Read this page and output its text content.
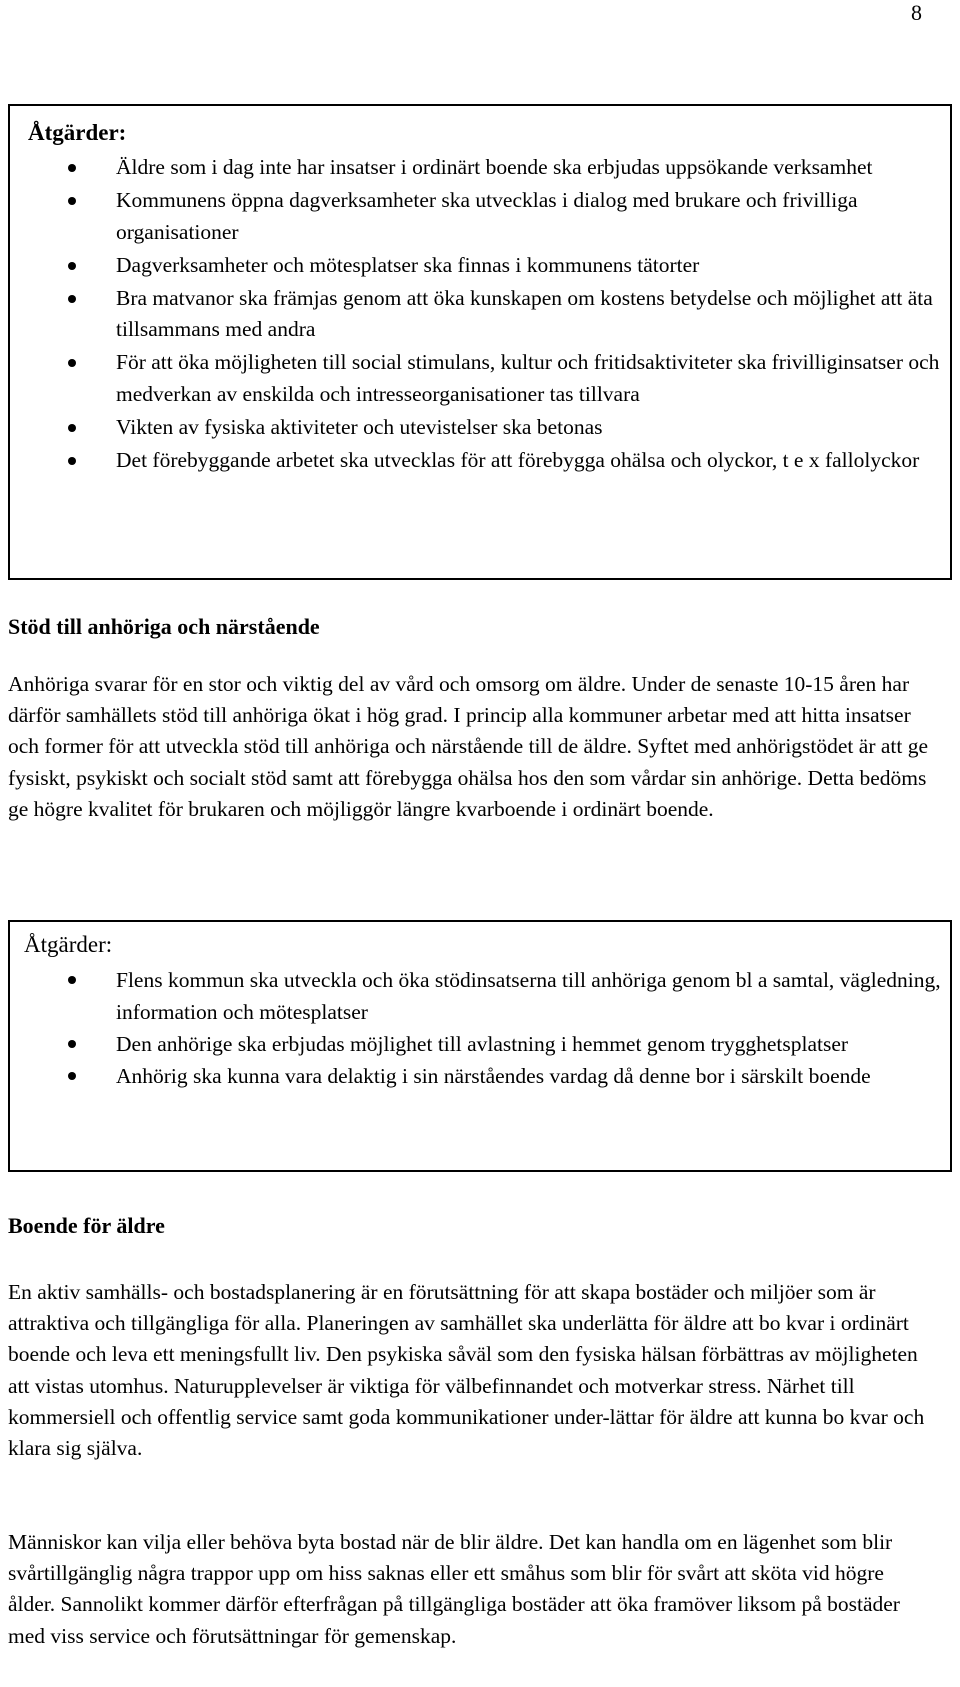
8
Åtgärder:
Äldre som i dag inte har insatser i ordinärt boende ska erbjudas uppsökande verksamhet
Kommunens öppna dagverksamheter ska utvecklas i dialog med brukare och frivilliga organisationer
Dagverksamheter och mötesplatser ska finnas i kommunens tätorter
Bra matvanor ska främjas genom att öka kunskapen om kostens betydelse och möjlighet att äta tillsammans med andra
För att öka möjligheten till social stimulans, kultur och fritidsaktiviteter ska frivilliginsatser och medverkan av enskilda och intresseorganisationer tas tillvara
Vikten av fysiska aktiviteter och utevistelser ska betonas
Det förebyggande arbetet ska utvecklas för att förebygga ohälsa och olyckor, t e x fallolyckor
Stöd till anhöriga och närstående

Anhöriga svarar för en stor och viktig del av vård och omsorg om äldre. Under de senaste 10-15 åren har därför samhällets stöd till anhöriga ökat i hög grad. I princip alla kommuner arbetar med att hitta insatser och former för att utveckla stöd till anhöriga och närstående till de äldre. Syftet med anhörigstödet är att ge fysiskt, psykiskt och socialt stöd samt att förebygga ohälsa hos den som vårdar sin anhörige. Detta bedöms ge högre kvalitet för brukaren och möjliggör längre kvarboende i ordinärt boende.

Åtgärder:
Flens kommun ska utveckla och öka stödinsatserna till anhöriga genom bl a samtal, vägledning, information och mötesplatser
Den anhörige ska erbjudas möjlighet till avlastning i hemmet genom trygghetsplatser
Anhörig ska kunna vara delaktig i sin närståendes vardag då denne bor i särskilt boende
Boende för äldre

En aktiv samhälls- och bostadsplanering är en förutsättning för att skapa bostäder och miljöer som är attraktiva och tillgängliga för alla. Planeringen av samhället ska underlätta för äldre att bo kvar i ordinärt boende och leva ett meningsfullt liv. Den psykiska såväl som den fysiska hälsan förbättras av möjligheten att vistas utomhus. Naturupplevelser är viktiga för välbefinnandet och motverkar stress. Närhet till kommersiell och offentlig service samt goda kommunikationer under-lättar för äldre att kunna bo kvar och klara sig själva.

Människor kan vilja eller behöva byta bostad när de blir äldre. Det kan handla om en lägenhet som blir svårtillgänglig några trappor upp om hiss saknas eller ett småhus som blir för svårt att sköta vid högre ålder. Sannolikt kommer därför efterfrågan på tillgängliga bostäder att öka framöver liksom på bostäder med viss service och förutsättningar för gemenskap.
